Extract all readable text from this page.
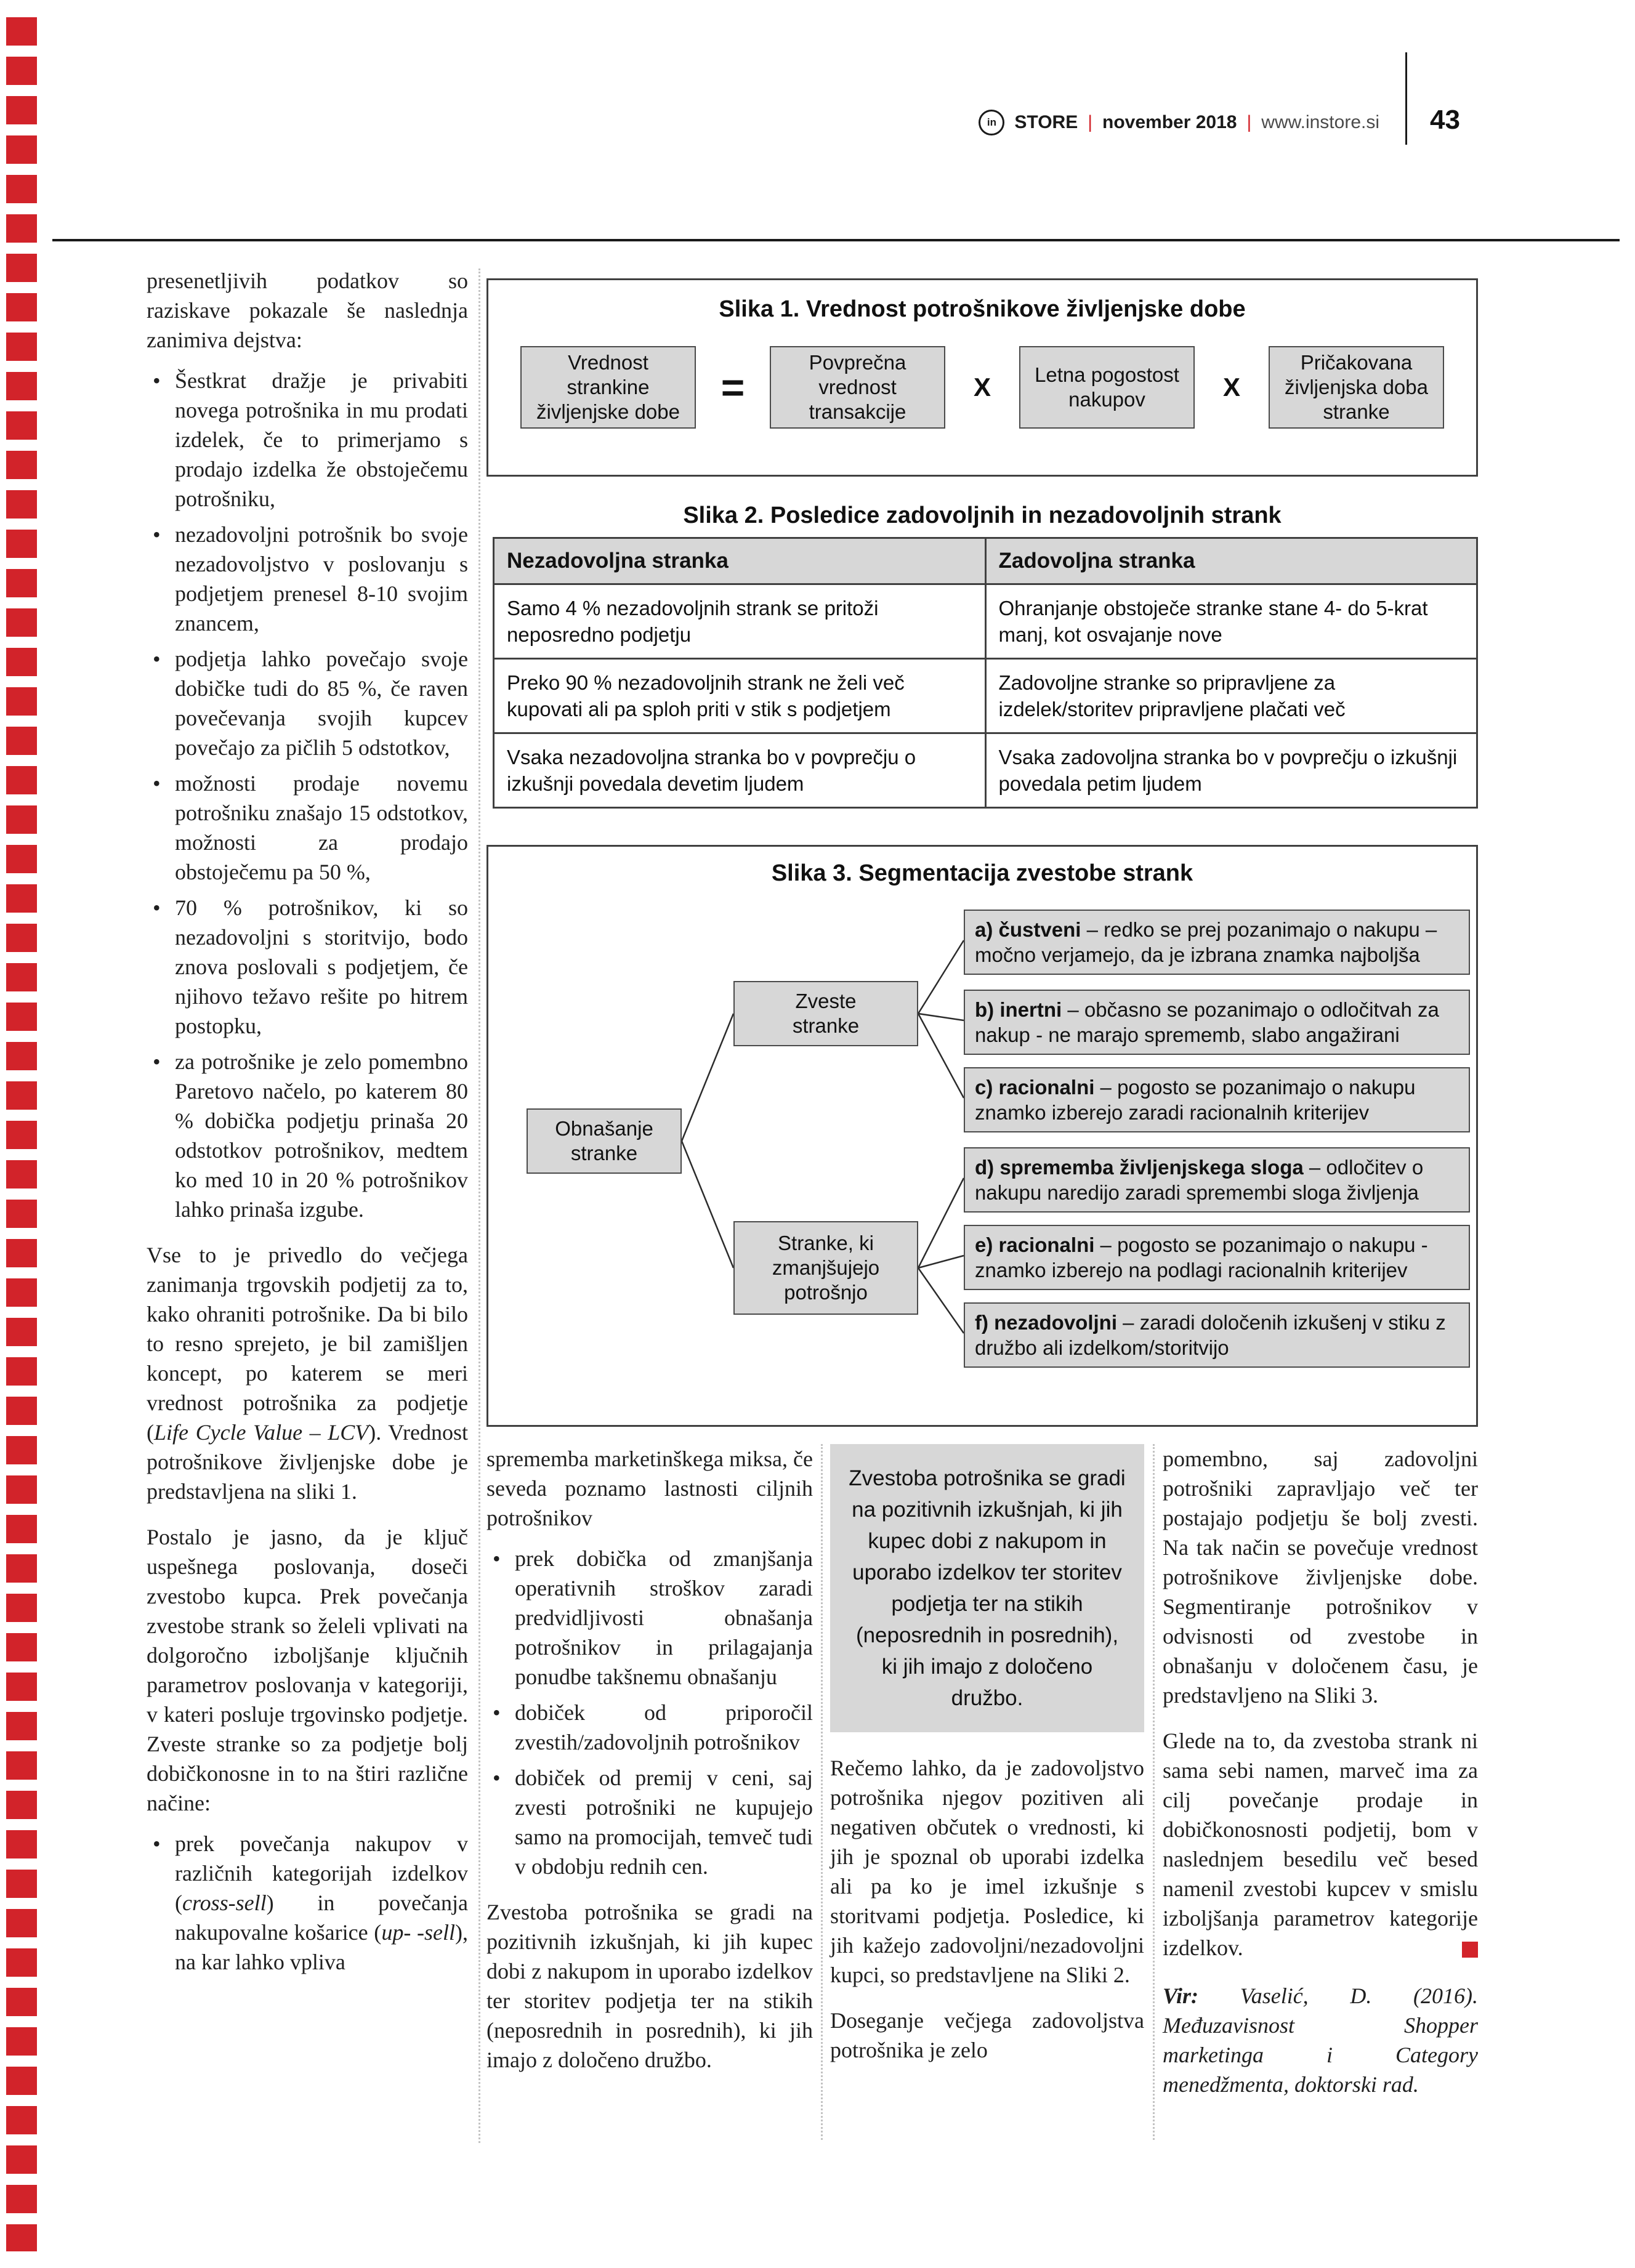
in STORE | november 2018 | www.instore.si 43

presenetljivih podatkov so raziskave pokazale še naslednja zanimiva dejstva:

• Šestkrat dražje je privabiti novega potrošnika in mu prodati izdelek, če to primerjamo s prodajo izdelka že obstoječemu potrošniku,
• nezadovoljni potrošnik bo svoje nezadovoljstvo v poslovanju s podjetjem prenesel 8-10 svojim znancem,
• podjetja lahko povečajo svoje dobičke tudi do 85 %, če raven povečevanja svojih kupcev povečajo za pičlih 5 odstotkov,
• možnosti prodaje novemu potrošniku znašajo 15 odstotkov, možnosti za prodajo obstoječemu pa 50 %,
• 70 % potrošnikov, ki so nezadovoljni s storitvijo, bodo znova poslovali s podjetjem, če njihovo težavo rešite po hitrem postopku,
• za potrošnike je zelo pomembno Paretovo načelo, po katerem 80 % dobička podjetju prinaša 20 odstotkov potrošnikov, medtem ko med 10 in 20 % potrošnikov lahko prinaša izgube.

Vse to je privedlo do večjega zanimanja trgovskih podjetij za to, kako ohraniti potrošnike. Da bi bilo to resno sprejeto, je bil zamišljen koncept, po katerem se meri vrednost potrošnika za podjetje (Life Cycle Value – LCV). Vrednost potrošnikove življenjske dobe je predstavljena na sliki 1.

Postalo je jasno, da je ključ uspešnega poslovanja, doseči zvestobo kupca. Prek povečanja zvestobe strank so želeli vplivati na dolgoročno izboljšanje ključnih parametrov poslovanja v kategoriji, v kateri posluje trgovinsko podjetje. Zveste stranke so za podjetje bolj dobičkonosne in to na štiri različne načine:

• prek povečanja nakupov v različnih kategorijah izdelkov (cross-sell) in povečanja nakupovalne košarice (up- -sell), na kar lahko vpliva
Slika 1. Vrednost potrošnikove življenjske dobe
Vrednost strankine življenjske dobe
=
Povprečna vrednost transakcije
X	Letna pogostost nakupov	X
Pričakovana življenjska doba stranke
Slika 2. Posledice zadovoljnih in nezadovoljnih strank
Nezadovoljna stranka	Zadovoljna stranka
Samo 4 % nezadovoljnih strank se pritoži neposredno podjetju	Ohranjanje obstoječe stranke stane 4- do 5-krat manj, kot osvajanje nove
Preko 90 % nezadovoljnih strank ne želi več kupovati ali pa sploh priti v stik s podjetjem	Zadovoljne stranke so pripravljene za izdelek/storitev pripravljene plačati več
Vsaka nezadovoljna stranka bo v povprečju o izkušnji povedala devetim ljudem	Vsaka zadovoljna stranka bo v povprečju o izkušnji povedala petim ljudem
Slika 3. Segmentacija zvestobe strank
Obnašanje stranke
Zveste stranke
Stranke, ki zmanjšujejo potrošnjo
a) čustveni – redko se prej pozanimajo o nakupu – močno verjamejo, da je izbrana znamka najboljša
b) inertni – občasno se pozanimajo o odločitvah za nakup - ne marajo sprememb, slabo angažirani
c) racionalni – pogosto se pozanimajo o nakupu znamko izberejo zaradi racionalnih kriterijev
d) sprememba življenjskega sloga – odločitev o nakupu naredijo zaradi spremembi sloga življenja
e) racionalni – pogosto se pozanimajo o nakupu - znamko izberejo na podlagi racionalnih kriterijev
f) nezadovoljni – zaradi določenih izkušenj v stiku z družbo ali izdelkom/storitvijo

sprememba marketinškega miksa, če seveda poznamo lastnosti ciljnih potrošnikov

• prek dobička od zmanjšanja operativnih stroškov zaradi predvidljivosti obnašanja potrošnikov in prilagajanja ponudbe takšnemu obnašanju
• dobiček od priporočil zvestih/zadovoljnih potrošnikov
• dobiček od premij v ceni, saj zvesti potrošniki ne kupujejo samo na promocijah, temveč tudi v obdobju rednih cen.

Zvestoba potrošnika se gradi na pozitivnih izkušnjah, ki jih kupec dobi z nakupom in uporabo izdelkov ter storitev podjetja ter na stikih (neposrednih in posrednih), ki jih imajo z določeno družbo.

Zvestoba potrošnika se gradi na pozitivnih izkušnjah, ki jih kupec dobi z nakupom in uporabo izdelkov ter storitev podjetja ter na stikih (neposrednih in posrednih), ki jih imajo z določeno družbo.

Rečemo lahko, da je zadovoljstvo potrošnika njegov pozitiven ali negativen občutek o vrednosti, ki jih je spoznal ob uporabi izdelka ali pa ko je imel izkušnje s storitvami podjetja. Posledice, ki jih kažejo zadovoljni/nezadovoljni kupci, so predstavljene na Sliki 2.

Doseganje večjega zadovoljstva potrošnika je zelo

pomembno, saj zadovoljni potrošniki zapravljajo več ter postajajo podjetju še bolj zvesti. Na tak način se povečuje vrednost potrošnikove življenjske dobe. Segmentiranje potrošnikov v odvisnosti od zvestobe in obnašanju v določenem času, je predstavljeno na Sliki 3.

Glede na to, da zvestoba strank ni sama sebi namen, marveč ima za cilj povečanje prodaje in dobičkonosnosti podjetij, bom v naslednjem besedilu več besed namenil zvestobi kupcev v smislu izboljšanja parametrov kategorije izdelkov.

Vir: Vaselić, D. (2016). Međuzavisnost Shopper marketinga i Category menedžmenta, doktorski rad.
